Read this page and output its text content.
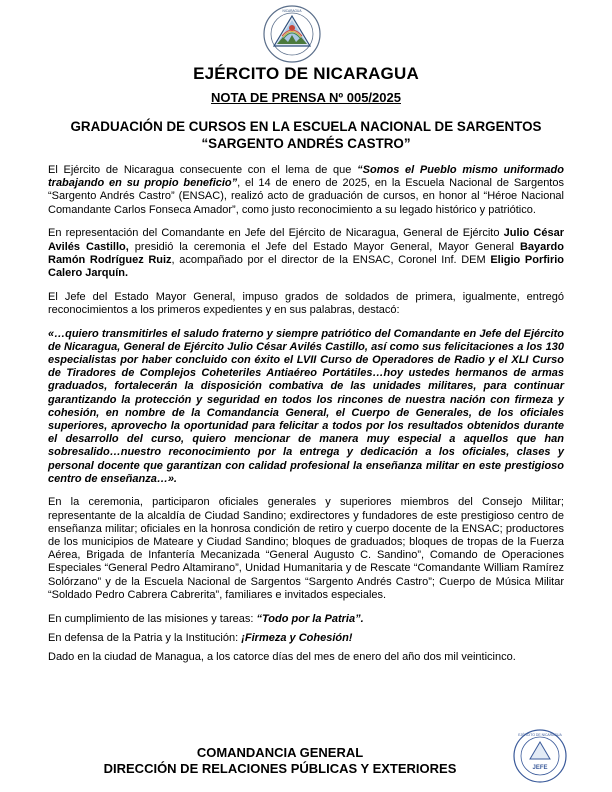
NICARAGUA
EJÉRCITO DE NICARAGUA
NOTA DE PRENSA Nº 005/2025
GRADUACIÓN DE CURSOS EN LA ESCUELA NACIONAL DE SARGENTOS
“SARGENTO ANDRÉS CASTRO”

El Ejército de Nicaragua consecuente con el lema de que “Somos el Pueblo mismo uniformado trabajando en su propio beneficio”, el 14 de enero de 2025, en la Escuela Nacional de Sargentos “Sargento Andrés Castro” (ENSAC), realizó acto de graduación de cursos, en honor al “Héroe Nacional Comandante Carlos Fonseca Amador”, como justo reconocimiento a su legado histórico y patriótico.

En representación del Comandante en Jefe del Ejército de Nicaragua, General de Ejército Julio César Avilés Castillo, presidió la ceremonia el Jefe del Estado Mayor General, Mayor General Bayardo Ramón Rodríguez Ruiz, acompañado por el director de la ENSAC, Coronel Inf. DEM Eligio Porfirio Calero Jarquín.

El Jefe del Estado Mayor General, impuso grados de soldados de primera, igualmente, entregó reconocimientos a los primeros expedientes y en sus palabras, destacó:

«…quiero transmitirles el saludo fraterno y siempre patriótico del Comandante en Jefe del Ejército de Nicaragua, General de Ejército Julio César Avilés Castillo, así como sus felicitaciones a los 130 especialistas por haber concluido con éxito el LVII Curso de Operadores de Radio y el XLI Curso de Tiradores de Complejos Coheteriles Antiaéreo Portátiles…hoy ustedes hermanos de armas graduados, fortalecerán la disposición combativa de las unidades militares, para continuar garantizando la protección y seguridad en todos los rincones de nuestra nación con firmeza y cohesión, en nombre de la Comandancia General, el Cuerpo de Generales, de los oficiales superiores, aprovecho la oportunidad para felicitar a todos por los resultados obtenidos durante el desarrollo del curso, quiero mencionar de manera muy especial a aquellos que han sobresalido…nuestro reconocimiento por la entrega y dedicación a los oficiales, clases y personal docente que garantizan con calidad profesional la enseñanza militar en este prestigioso centro de enseñanza…».

En la ceremonia, participaron oficiales generales y superiores miembros del Consejo Militar; representante de la alcaldía de Ciudad Sandino; exdirectores y fundadores de este prestigioso centro de enseñanza militar; oficiales en la honrosa condición de retiro y cuerpo docente de la ENSAC; productores de los municipios de Mateare y Ciudad Sandino; bloques de graduados; bloques de tropas de la Fuerza Aérea, Brigada de Infantería Mecanizada “General Augusto C. Sandino”, Comando de Operaciones Especiales “General Pedro Altamirano”, Unidad Humanitaria y de Rescate “Comandante William Ramírez Solórzano” y de la Escuela Nacional de Sargentos “Sargento Andrés Castro”; Cuerpo de Música Militar “Soldado Pedro Cabrera Cabrerita”, familiares e invitados especiales.

En cumplimiento de las misiones y tareas: “Todo por la Patria”.

En defensa de la Patria y la Institución: ¡Firmeza y Cohesión!

Dado en la ciudad de Managua, a los catorce días del mes de enero del año dos mil veinticinco.

COMANDANCIA GENERAL
DIRECCIÓN DE RELACIONES PÚBLICAS Y EXTERIORES	JEFE
EJÉRCITO DE NICARAGUA
